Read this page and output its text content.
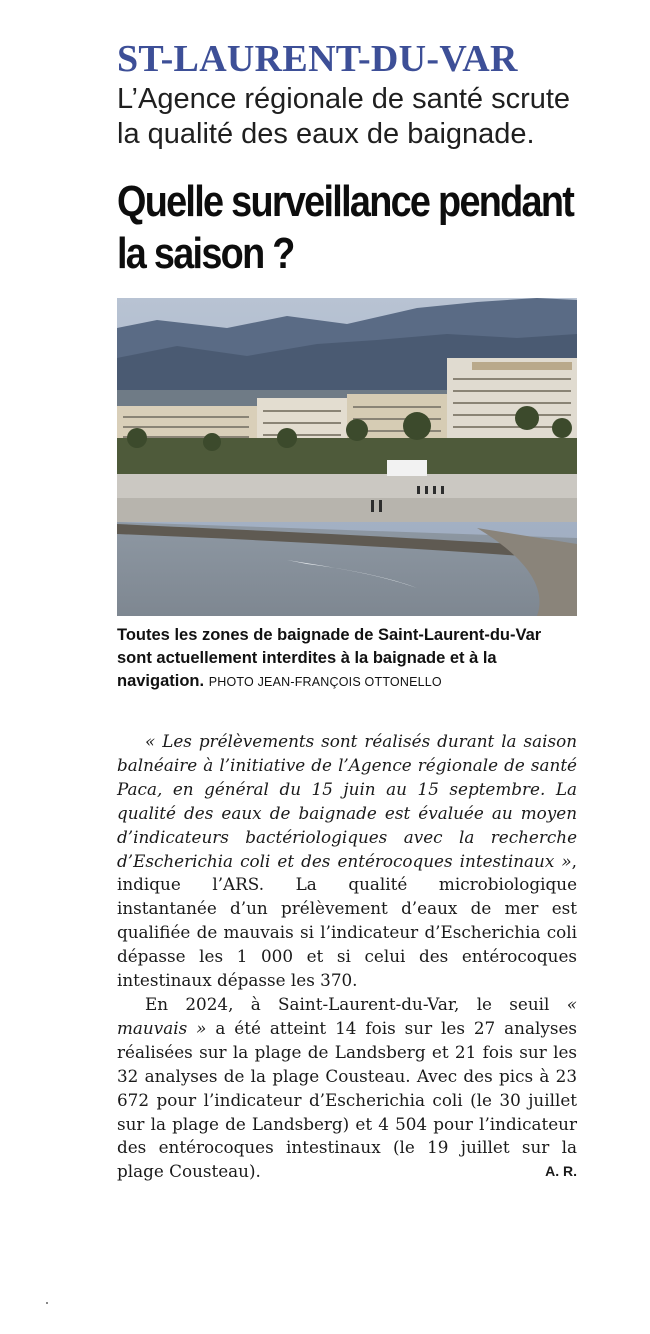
ST-LAURENT-DU-VAR

L’Agence régionale de santé scrute la qualité des eaux de baignade.

Quelle surveillance pendant la saison ?

Toutes les zones de baignade de Saint-Laurent-du-Var sont actuellement interdites à la baignade et à la navigation. PHOTO JEAN-FRANÇOIS OTTONELLO

« Les prélèvements sont réalisés durant la saison balnéaire à l’initiative de l’Agence régionale de santé Paca, en général du 15 juin au 15 septembre. La qualité des eaux de baignade est évaluée au moyen d’indicateurs bactériologiques avec la recherche d’Escherichia coli et des entérocoques intestinaux », indique l’ARS. La qualité microbiologique instantanée d’un prélèvement d’eaux de mer est qualifiée de mauvais si l’indicateur d’Escherichia coli dépasse les 1 000 et si celui des entérocoques intestinaux dépasse les 370.

En 2024, à Saint-Laurent-du-Var, le seuil « mauvais » a été atteint 14 fois sur les 27 analyses réalisées sur la plage de Landsberg et 21 fois sur les 32 analyses de la plage Cousteau. Avec des pics à 23 672 pour l’indicateur d’Escherichia coli (le 30 juillet sur la plage de Landsberg) et 4 504 pour l’indicateur des entérocoques intestinaux (le 19 juillet sur la plage Cousteau).	A. R.
